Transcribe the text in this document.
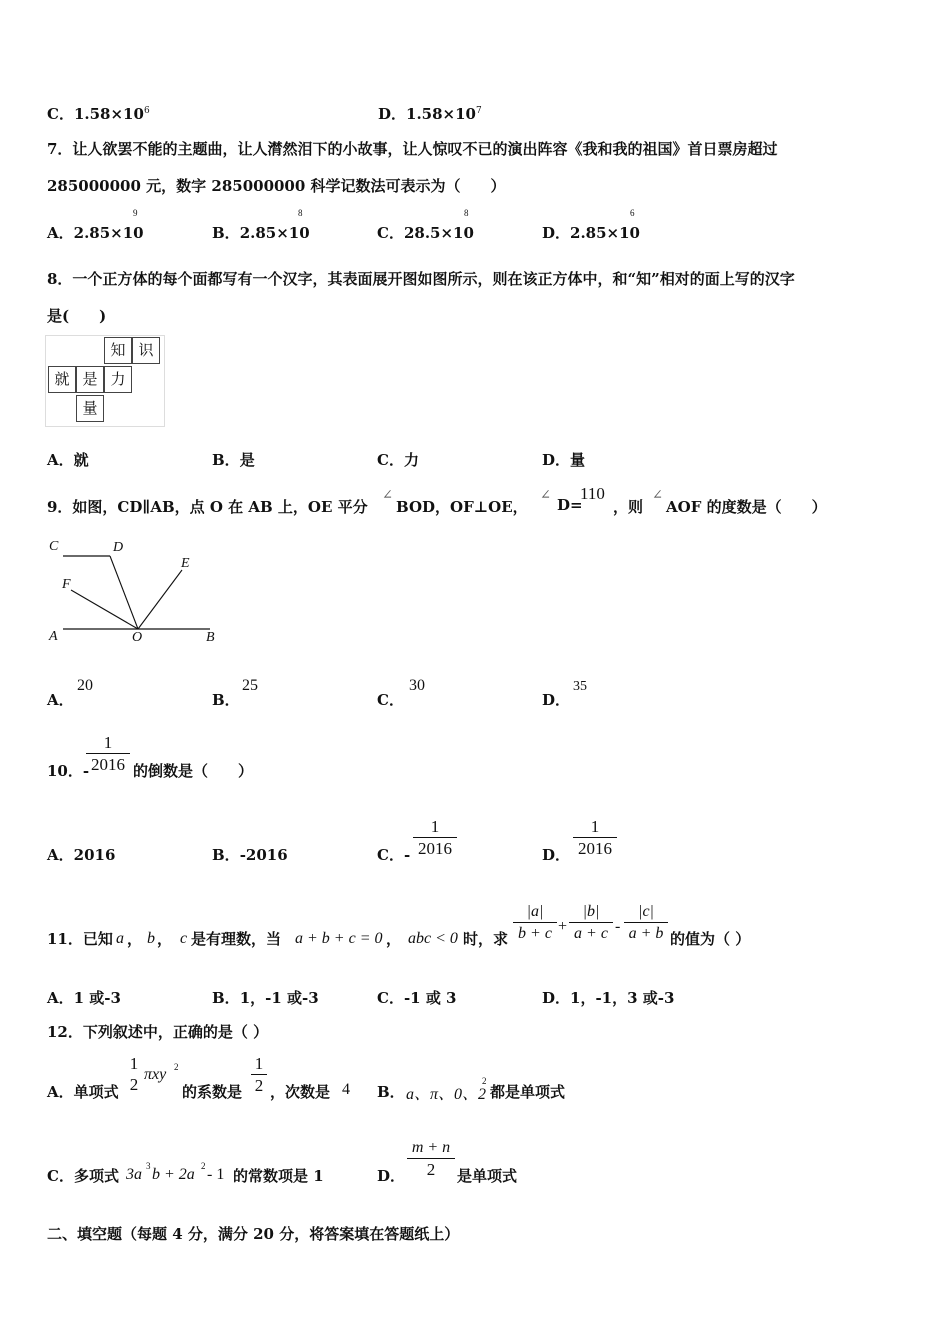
C．$1.58\times 10^6$	D．$1.58\times 10^7$
7．让人欲罢不能的主题曲，让人潸然泪下的小故事，让人惊叹不已的演出阵容《我和我的祖国》首日票房超过
285000000 元，数字 285000000 科学记数法可表示为（　　）
A．2.85×10
9
B．2.85×10
8
C．28.5×10
8
D．2.85×10
6
8．一个正方体的每个面都写有一个汉字，其表面展开图如图所示，则在该正方体中，和“知”相对的面上写的汉字
是(　　)
知 识
就 是 力
量
A．就	B．是	C．力	D．量
9．如图，CD∥AB，点 O 在 AB 上，OE 平分
∠
BOD，OF⊥OE，
∠
D=
110
，则
∠
AOF 的度数是（　　）
C	D
E
F
A	O	B
A．
20
B．
25
C．
30
D．
35
10．-
1
2016 的倒数是（　　）
A．2016	B．-2016	C．-
1
2016	D．
1
2016
11．已知 a ， b ， c 是有理数，当 a + b + c = 0 ， abc < 0 时，求
|a|
b + c +
|b|
a + c -
|c|
a + b 的值为（ ）
A．1 或-3	B．1，-1 或-3	C．-1 或 3	D．1，-1，3 或-3
12．下列叙述中，正确的是（ ）
A．单项式
1
2
πxy 2
的系数是
1
2 ，次数是 4 B． a、π、0、2
2
都是单项式
C．多项式 3a 3 b + 2a 2 - 1 的常数项是 1	D．
m + n
2	是单项式
二、填空题（每题 4 分，满分 20 分，将答案填在答题纸上）
